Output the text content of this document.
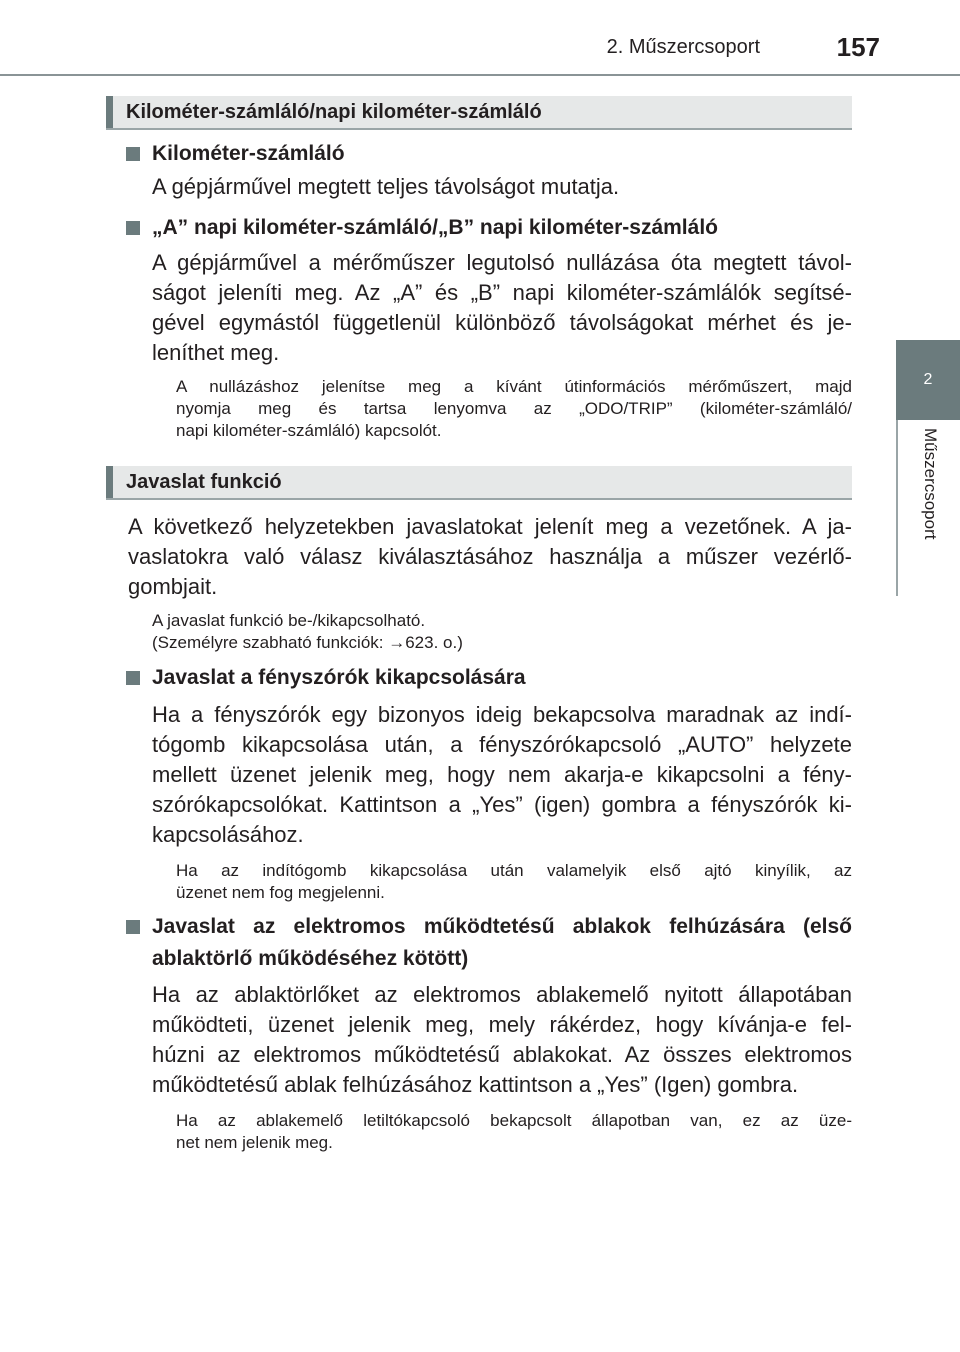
2. Műszercsoport	157
2
Műszercsoport
Kilométer-számláló/napi kilométer-számláló
Kilométer-számláló
A gépjárművel megtett teljes távolságot mutatja.
„A” napi kilométer-számláló/„B” napi kilométer-számláló
A gépjárművel a mérőműszer legutolsó nullázása óta megtett távol-
ságot jeleníti meg. Az „A” és „B” napi kilométer-számlálók segítsé-
gével egymástól függetlenül különböző távolságokat mérhet és je-
leníthet meg.
A nullázáshoz jelenítse meg a kívánt útinformációs mérőműszert, majd
nyomja meg és tartsa lenyomva az „ODO/TRIP” (kilométer-számláló/
napi kilométer-számláló) kapcsolót.
Javaslat funkció
A következő helyzetekben javaslatokat jelenít meg a vezetőnek. A ja-
vaslatokra való válasz kiválasztásához használja a műszer vezérlő-
gombjait.
A javaslat funkció be-/kikapcsolható.
(Személyre szabható funkciók: →623. o.)
Javaslat a fényszórók kikapcsolására
Ha a fényszórók egy bizonyos ideig bekapcsolva maradnak az indí-
tógomb kikapcsolása után, a fényszórókapcsoló „AUTO” helyzete
mellett üzenet jelenik meg, hogy nem akarja-e kikapcsolni a fény-
szórókapcsolókat. Kattintson a „Yes” (igen) gombra a fényszórók ki-
kapcsolásához.
Ha az indítógomb kikapcsolása után valamelyik első ajtó kinyílik, az
üzenet nem fog megjelenni.
Javaslat az elektromos működtetésű ablakok felhúzására (első
ablaktörlő működéséhez kötött)
Ha az ablaktörlőket az elektromos ablakemelő nyitott állapotában
működteti, üzenet jelenik meg, mely rákérdez, hogy kívánja-e fel-
húzni az elektromos működtetésű ablakokat. Az összes elektromos
működtetésű ablak felhúzásához kattintson a „Yes” (Igen) gombra.
Ha az ablakemelő letiltókapcsoló bekapcsolt állapotban van, ez az üze-
net nem jelenik meg.
